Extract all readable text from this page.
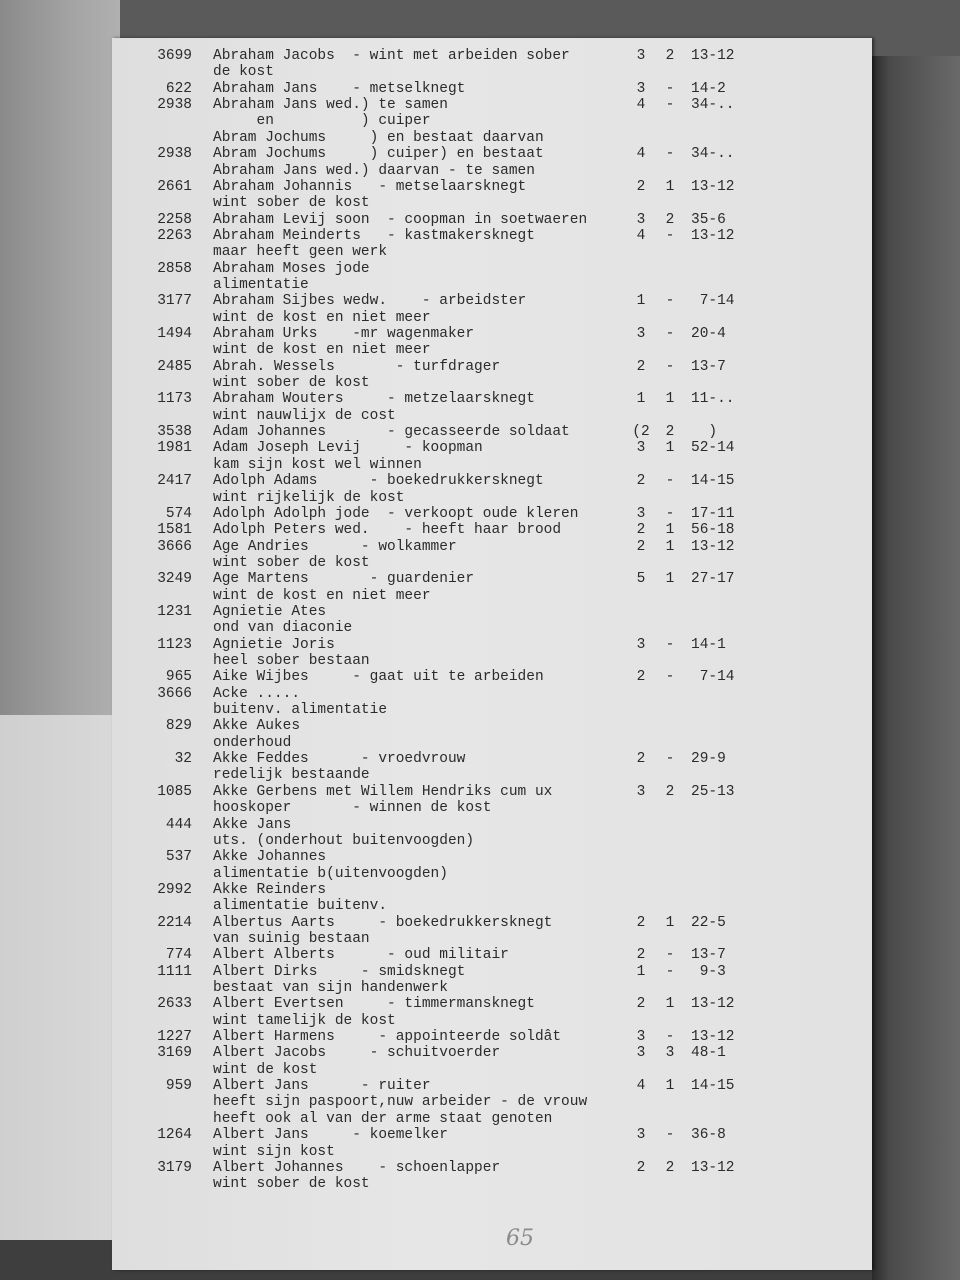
65
3699 Abraham Jacobs  - wint met arbeiden sober	3	2	13-12
de kost
622 Abraham Jans    - metselknegt	3	-	14-2
2938 Abraham Jans wed.) te samen	4	-	34-..
en          ) cuiper
Abram Jochums     ) en bestaat daarvan
2938 Abram Jochums     ) cuiper) en bestaat	4	-	34-..
Abraham Jans wed.) daarvan - te samen
2661 Abraham Johannis   - metselaarsknegt	2	1	13-12
wint sober de kost
2258 Abraham Levij soon  - coopman in soetwaeren	3	2	35-6
2263 Abraham Meinderts   - kastmakersknegt	4	-	13-12
maar heeft geen werk
2858 Abraham Moses jode
alimentatie
3177 Abraham Sijbes wedw.    - arbeidster	1	-	7-14
wint de kost en niet meer
1494 Abraham Urks    -mr wagenmaker	3	-	20-4
wint de kost en niet meer
2485 Abrah. Wessels       - turfdrager	2	-	13-7
wint sober de kost
1173 Abraham Wouters     - metzelaarsknegt	1	1	11-..
wint nauwlijx de cost
3538 Adam Johannes       - gecasseerde soldaat	(2	2	)
1981 Adam Joseph Levij     - koopman	3	1	52-14
kam sijn kost wel winnen
2417 Adolph Adams      - boekedrukkersknegt	2	-	14-15
wint rijkelijk de kost
574 Adolph Adolph jode  - verkoopt oude kleren	3	-	17-11
1581 Adolph Peters wed.    - heeft haar brood	2	1	56-18
3666 Age Andries      - wolkammer	2	1	13-12
wint sober de kost
3249 Age Martens       - guardenier	5	1	27-17
wint de kost en niet meer
1231 Agnietie Ates
ond van diaconie
1123 Agnietie Joris	3	-	14-1
heel sober bestaan
965 Aike Wijbes     - gaat uit te arbeiden	2	-	7-14
3666 Acke .....
buitenv. alimentatie
829 Akke Aukes
onderhoud
32 Akke Feddes      - vroedvrouw	2	-	29-9
redelijk bestaande
1085 Akke Gerbens met Willem Hendriks cum ux	3	2	25-13
hooskoper       - winnen de kost
444 Akke Jans
uts. (onderhout buitenvoogden)
537 Akke Johannes
alimentatie b(uitenvoogden)
2992 Akke Reinders
alimentatie buitenv.
2214 Albertus Aarts     - boekedrukkersknegt	2	1	22-5
van suinig bestaan
774 Albert Alberts      - oud militair	2	-	13-7
1111 Albert Dirks     - smidsknegt	1	-	9-3
bestaat van sijn handenwerk
2633 Albert Evertsen     - timmermansknegt	2	1	13-12
wint tamelijk de kost
1227 Albert Harmens     - appointeerde soldât	3	-	13-12
3169 Albert Jacobs     - schuitvoerder	3	3	48-1
wint de kost
959 Albert Jans      - ruiter	4	1	14-15
heeft sijn paspoort,nuw arbeider - de vrouw
heeft ook al van der arme staat genoten
1264 Albert Jans     - koemelker	3	-	36-8
wint sijn kost
3179 Albert Johannes    - schoenlapper	2	2	13-12
wint sober de kost
